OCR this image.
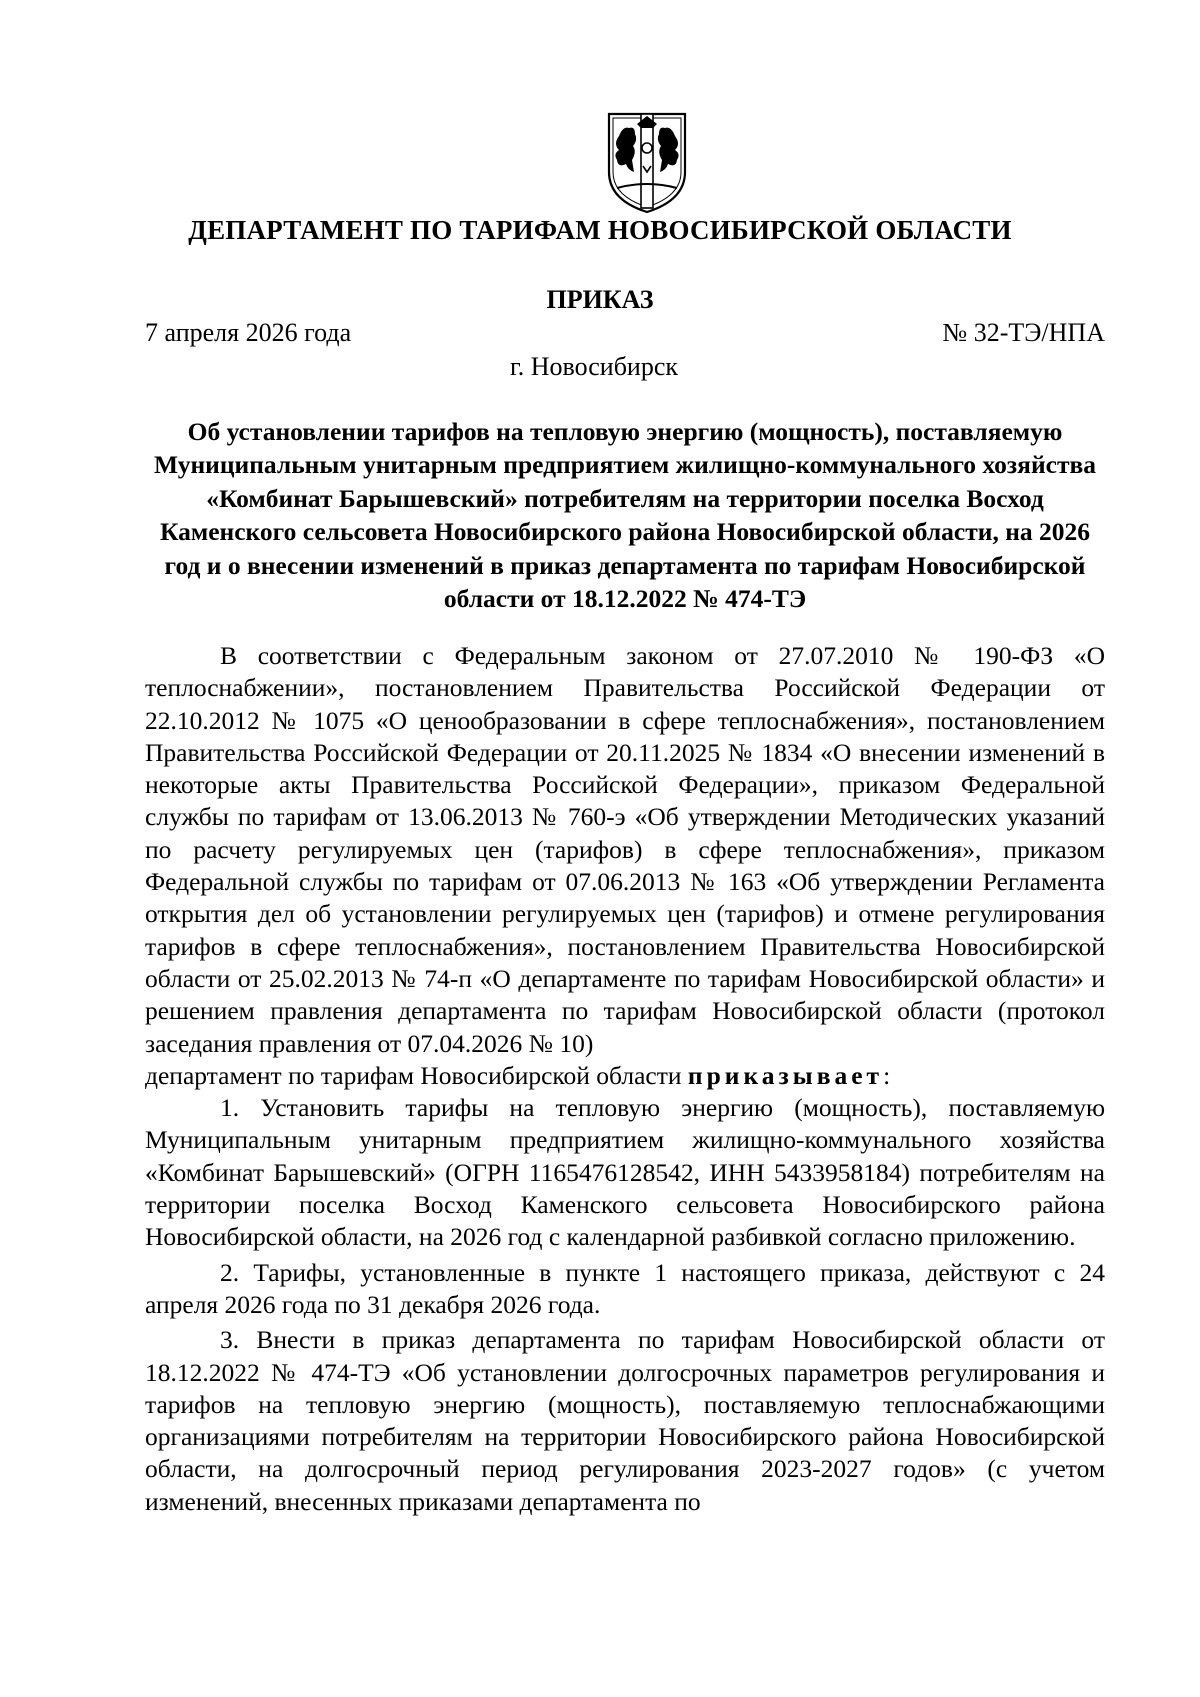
ДЕПАРТАМЕНТ ПО ТАРИФАМ НОВОСИБИРСКОЙ ОБЛАСТИ
ПРИКАЗ
7 апреля 2026 года	№ 32-ТЭ/НПА
г. Новосибирск
Об установлении тарифов на тепловую энергию (мощность), поставляемую Муниципальным унитарным предприятием жилищно-коммунального хозяйства «Комбинат Барышевский» потребителям на территории поселка Восход Каменского сельсовета Новосибирского района Новосибирской области, на 2026 год и о внесении изменений в приказ департамента по тарифам Новосибирской области от 18.12.2022 № 474-ТЭ

В соответствии с Федеральным законом от 27.07.2010 № 190-ФЗ «О теплоснабжении», постановлением Правительства Российской Федерации от 22.10.2012 № 1075 «О ценообразовании в сфере теплоснабжения», постановлением Правительства Российской Федерации от 20.11.2025 № 1834 «О внесении изменений в некоторые акты Правительства Российской Федерации», приказом Федеральной службы по тарифам от 13.06.2013 № 760-э «Об утверждении Методических указаний по расчету регулируемых цен (тарифов) в сфере теплоснабжения», приказом Федеральной службы по тарифам от 07.06.2013 № 163 «Об утверждении Регламента открытия дел об установлении регулируемых цен (тарифов) и отмене регулирования тарифов в сфере теплоснабжения», постановлением Правительства Новосибирской области от 25.02.2013 № 74-п «О департаменте по тарифам Новосибирской области» и решением правления департамента по тарифам Новосибирской области (протокол заседания правления от 07.04.2026 № 10)

департамент по тарифам Новосибирской области приказывает:

1. Установить тарифы на тепловую энергию (мощность), поставляемую Муниципальным унитарным предприятием жилищно-коммунального хозяйства «Комбинат Барышевский» (ОГРН 1165476128542, ИНН 5433958184) потребителям на территории поселка Восход Каменского сельсовета Новосибирского района Новосибирской области, на 2026 год с календарной разбивкой согласно приложению.

2. Тарифы, установленные в пункте 1 настоящего приказа, действуют с 24 апреля 2026 года по 31 декабря 2026 года.

3. Внести в приказ департамента по тарифам Новосибирской области от 18.12.2022 № 474-ТЭ «Об установлении долгосрочных параметров регулирования и тарифов на тепловую энергию (мощность), поставляемую теплоснабжающими организациями потребителям на территории Новосибирского района Новосибирской области, на долгосрочный период регулирования 2023-2027 годов» (с учетом изменений, внесенных приказами департамента по
